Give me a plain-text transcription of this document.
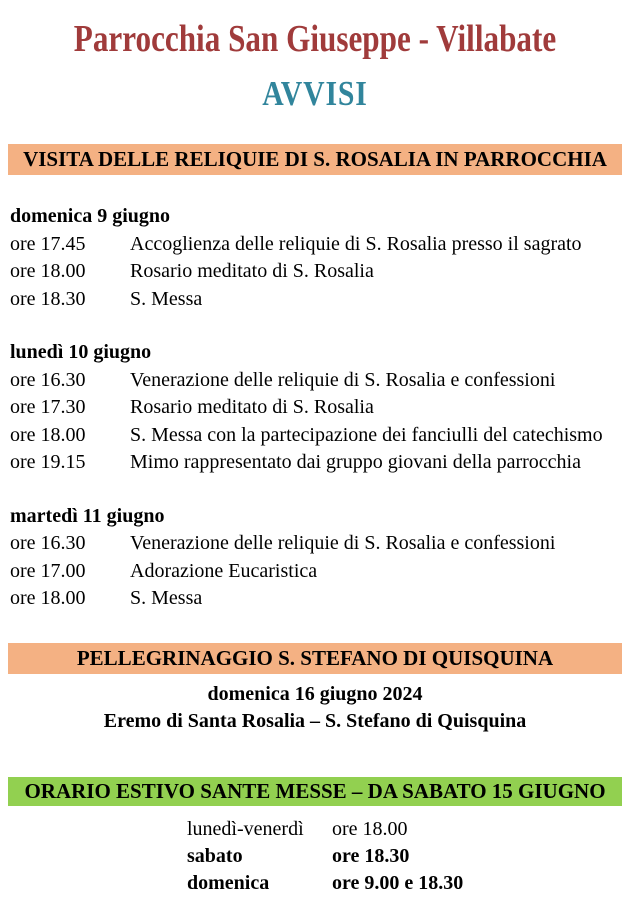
Parrocchia San Giuseppe - Villabate
AVVISI
VISITA DELLE RELIQUIE DI S. ROSALIA IN PARROCCHIA
domenica 9 giugno
ore 17.45	Accoglienza delle reliquie di S. Rosalia presso il sagrato
ore 18.00	Rosario meditato di S. Rosalia
ore 18.30	S. Messa
lunedì 10 giugno
ore 16.30	Venerazione delle reliquie di S. Rosalia e confessioni
ore 17.30	Rosario meditato di S. Rosalia
ore 18.00	S. Messa con la partecipazione dei fanciulli del catechismo
ore 19.15	Mimo rappresentato dai gruppo giovani della parrocchia
martedì 11 giugno
ore 16.30	Venerazione delle reliquie di S. Rosalia e confessioni
ore 17.00	Adorazione Eucaristica
ore 18.00	S. Messa
PELLEGRINAGGIO S. STEFANO DI QUISQUINA
domenica 16 giugno 2024
Eremo di Santa Rosalia – S. Stefano di Quisquina
ORARIO ESTIVO SANTE MESSE – DA SABATO 15 GIUGNO
lunedì-venerdì	ore 18.00
sabato	ore 18.30
domenica	ore 9.00 e 18.30
